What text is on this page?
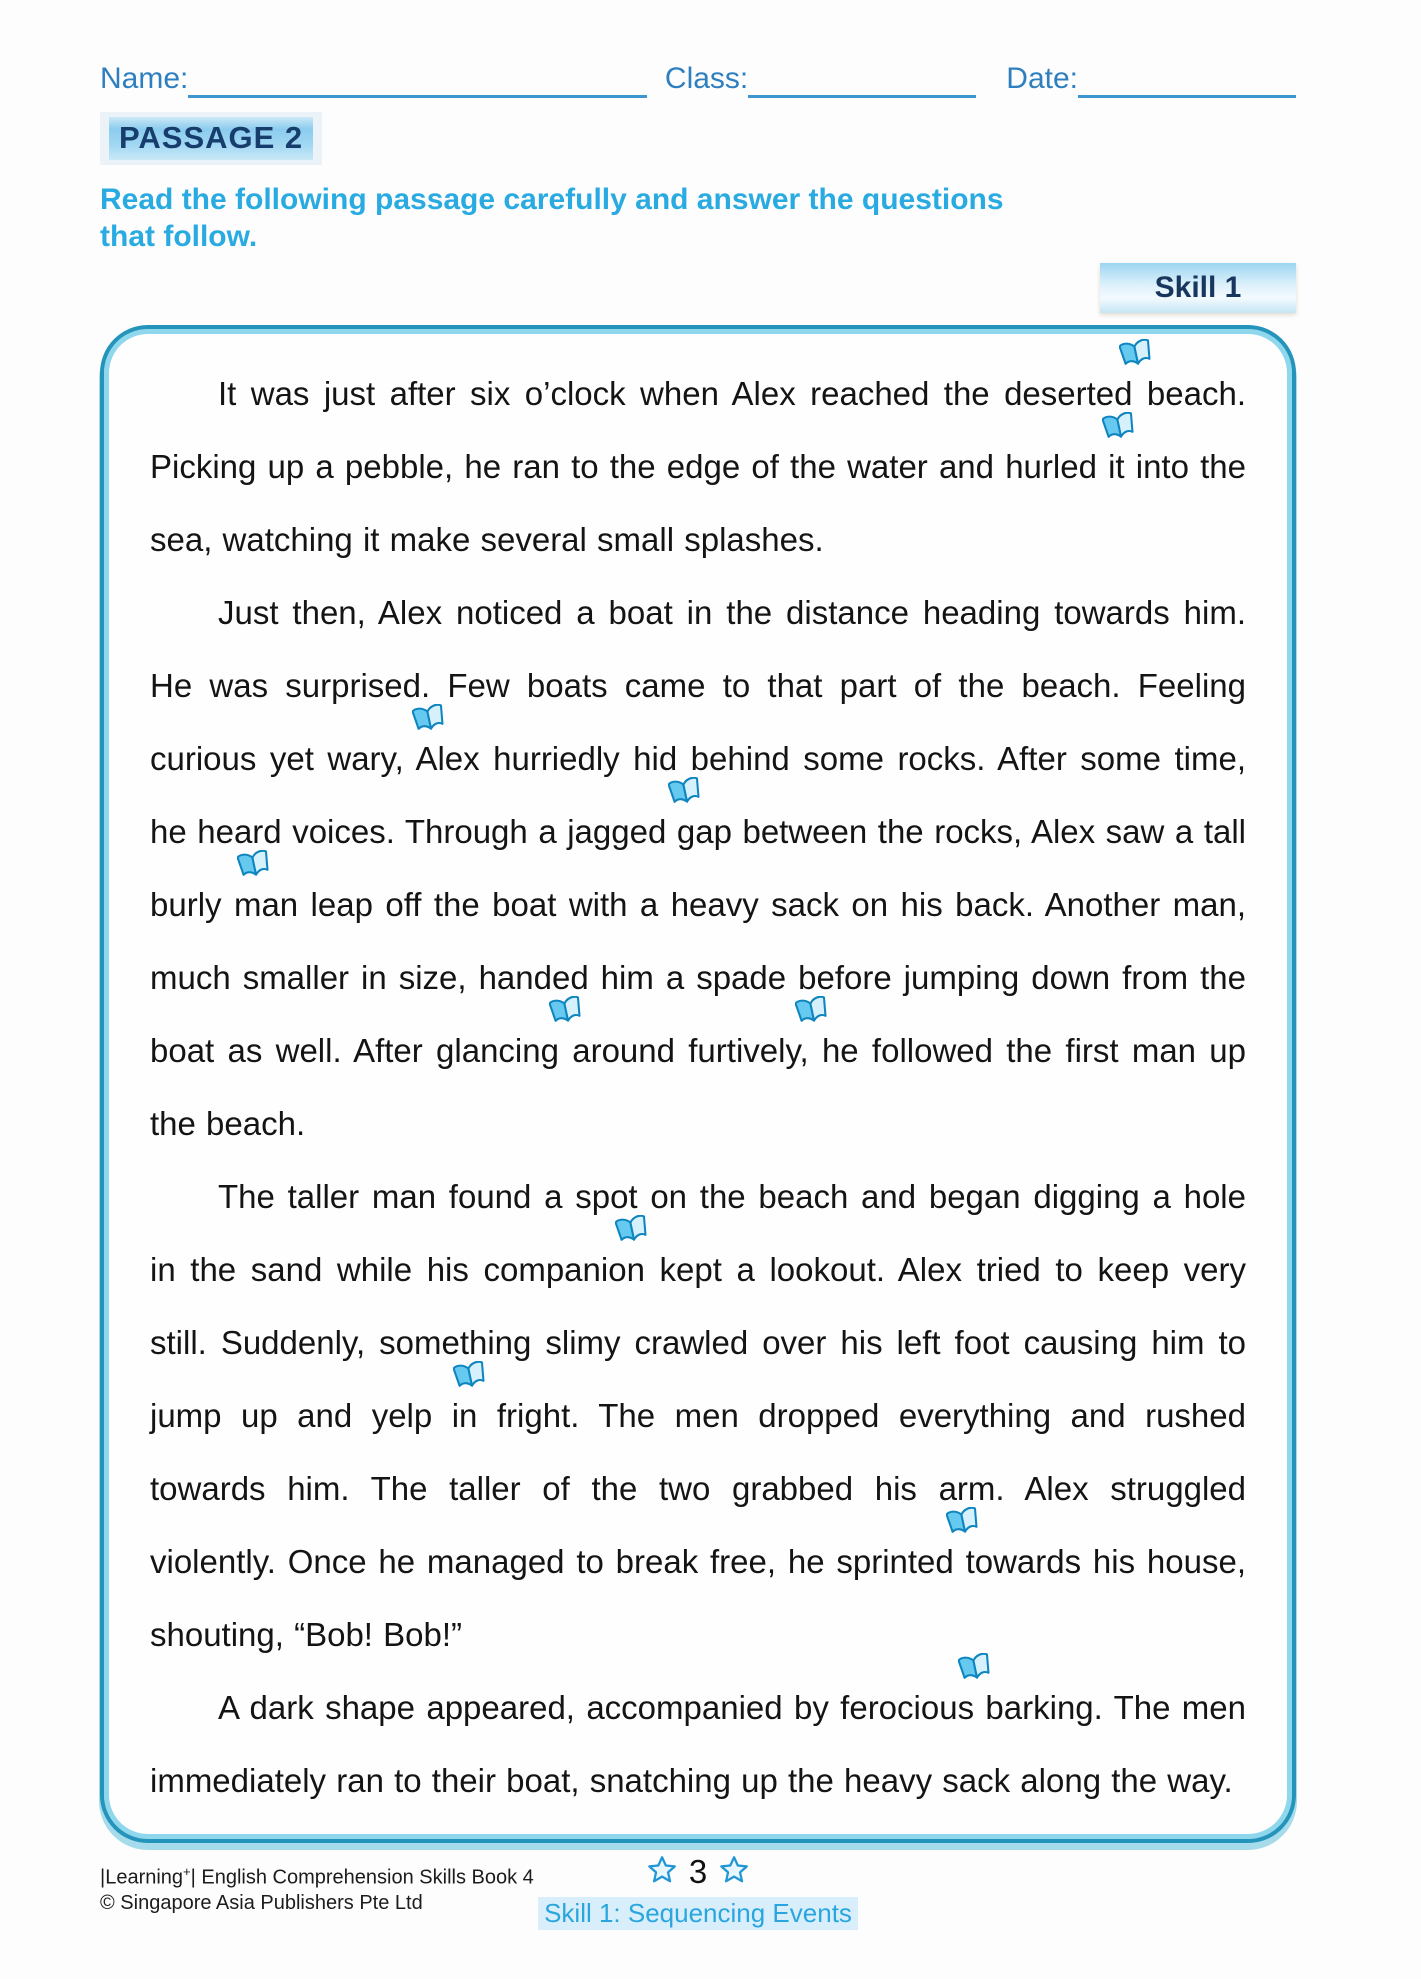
Name:	Class:	Date:
PASSAGE 2
Read the following passage carefully and answer the questions that follow.
Skill 1

It was just after six o’clock when Alex reached the
deserted beach. Picking up a pebble, he ran to the edge of the water and
hurled it into the sea, watching it make several small splashes.

Just then, Alex noticed a boat in the distance heading towards him. He was surprised. Few boats came to that part of the beach. Feeling curious yet
wary, Alex hurriedly hid behind some rocks. After some time, he heard voices. Through a
jagged gap between the rocks, Alex saw a tall
burly man leap off the boat with a heavy sack on his back. Another man, much smaller in size, handed him a spade before jumping down from the boat as well. After
glancing around
furtively, he followed the first man up the beach.

The taller man found a spot on the beach and began digging a hole in the sand while his
companion kept a lookout. Alex tried to keep very still. Suddenly, something slimy crawled over his left foot causing him to jump up and
yelp in fright. The men dropped everything and rushed towards him. The taller of the two grabbed his arm. Alex struggled violently. Once he managed to break free, he
sprinted towards his house, shouting, “Bob! Bob!”

A dark shape appeared, accompanied by
ferocious barking. The men immediately ran to their boat, snatching up the heavy sack along the way.

|Learning+| English Comprehension Skills Book 4
© Singapore Asia Publishers Pte Ltd
3
Skill 1: Sequencing Events
